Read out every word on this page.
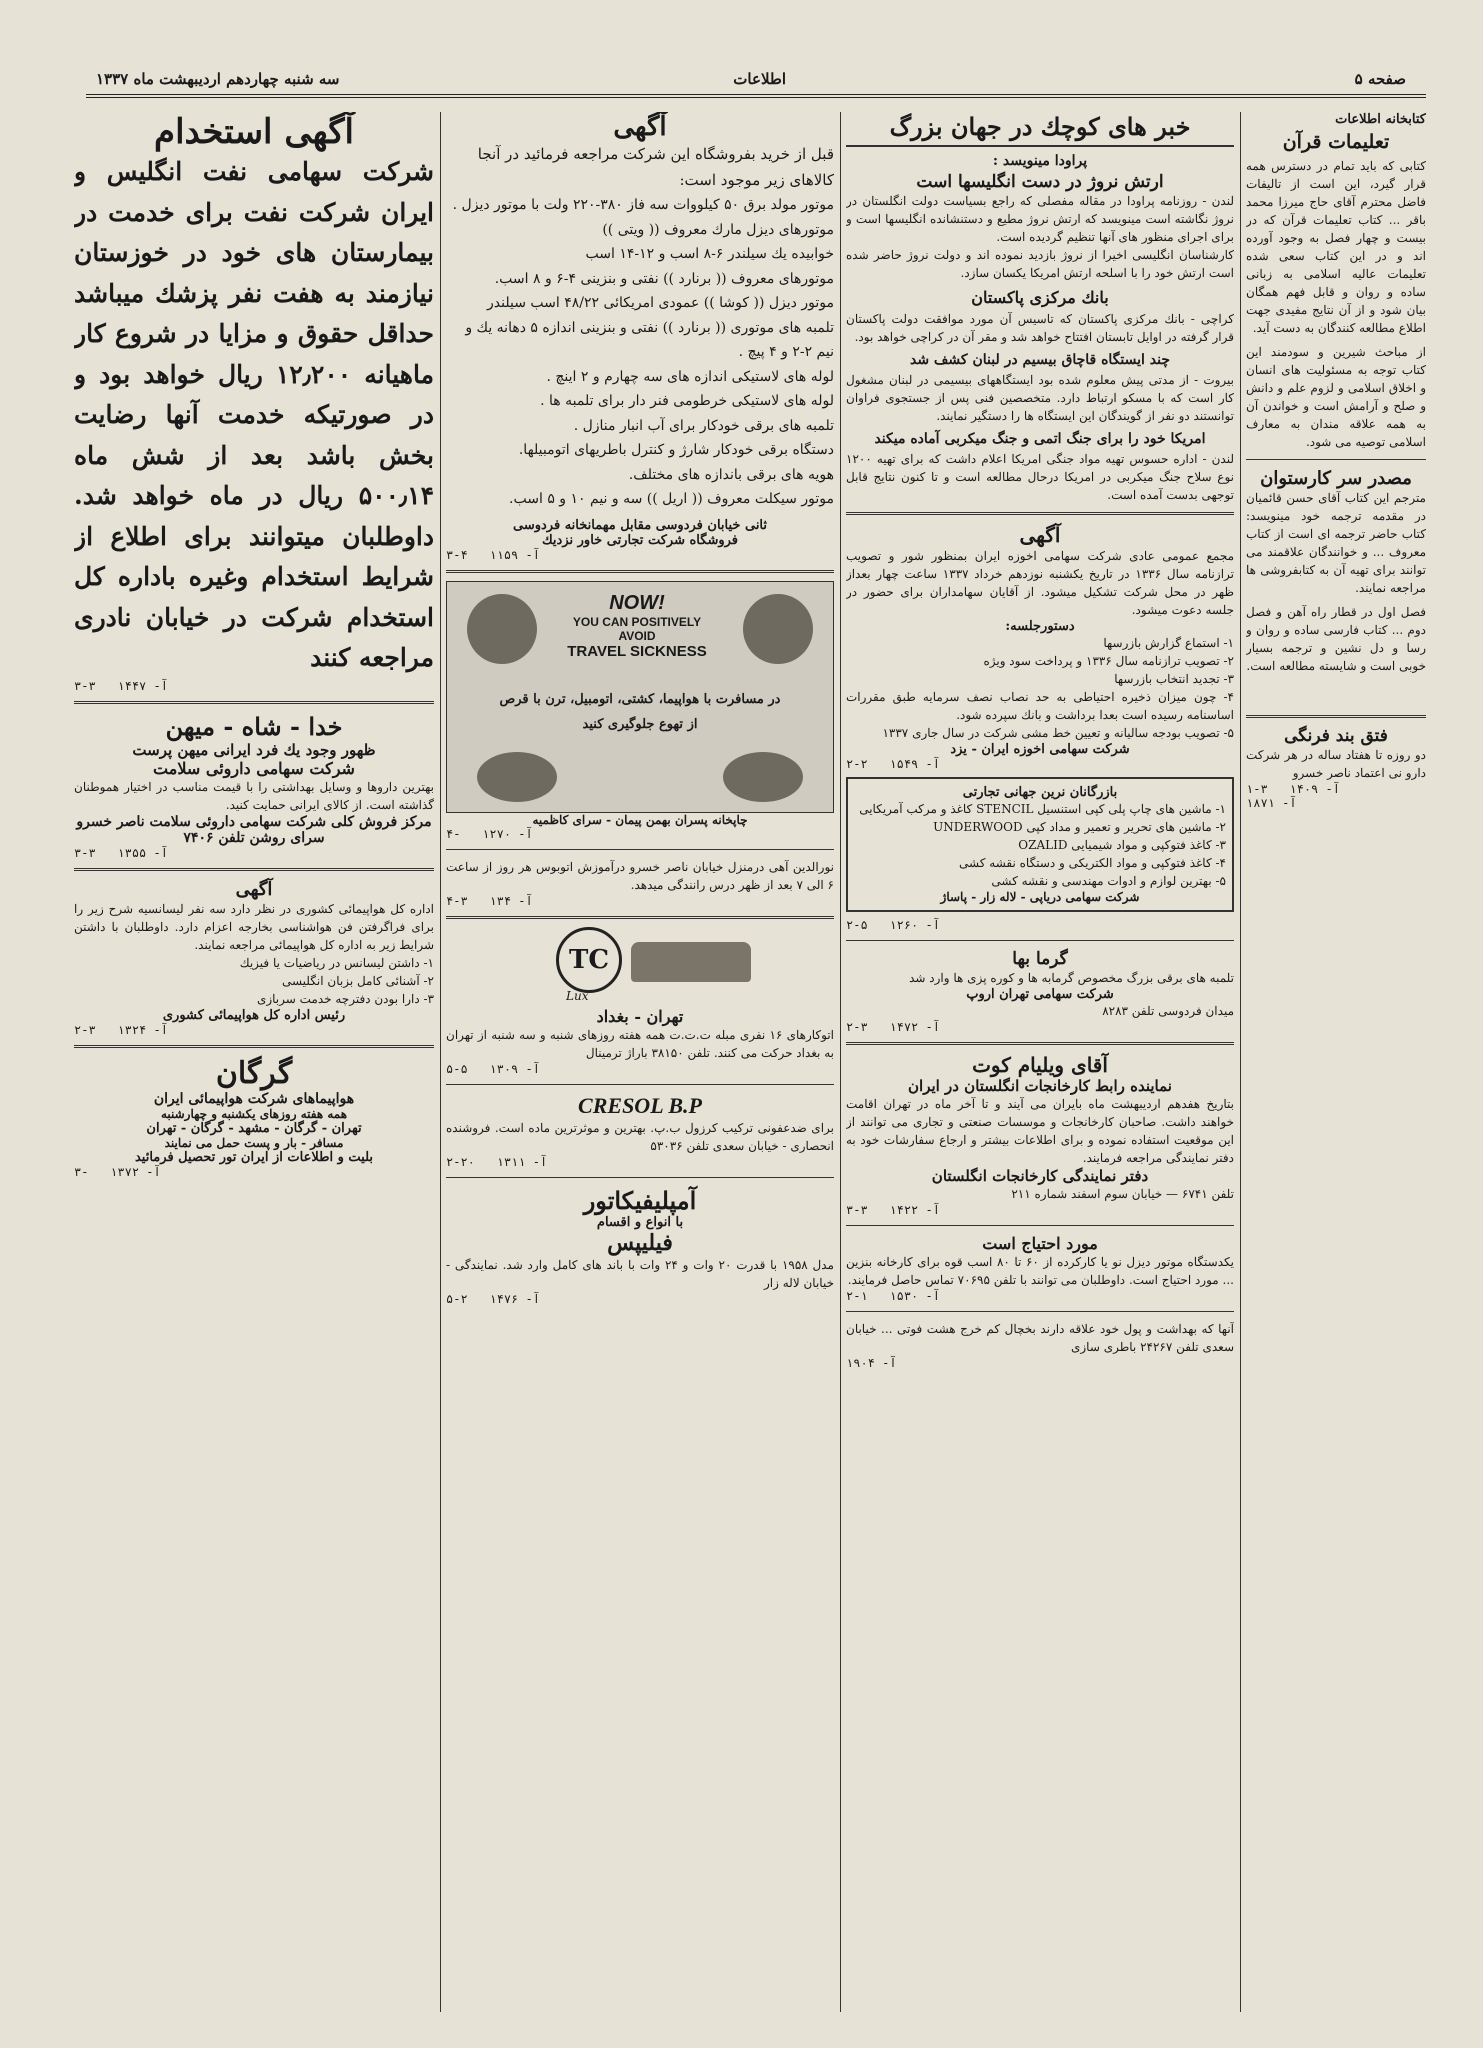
صفحه ۵
اطلاعات
سه شنبه چهاردهم اردیبهشت ماه ۱۳۳۷
کتابخانه اطلاعات
تعلیمات قرآن
کتابی که باید تمام در دسترس همه قرار گیرد، این است از تالیفات فاضل محترم آقای حاج میرزا محمد باقر ... کتاب تعلیمات قرآن که در بیست و چهار فصل به وجود آورده اند و در این کتاب سعی شده تعلیمات عالیه اسلامی به زبانی ساده و روان و قابل فهم همگان بیان شود و از آن نتایج مفیدی جهت اطلاع مطالعه کنندگان به دست آید.
از مباحث شیرین و سودمند این کتاب توجه به مسئولیت های انسان و اخلاق اسلامی و لزوم علم و دانش و صلح و آرامش است و خواندن آن به همه علاقه مندان به معارف اسلامی توصیه می شود.
مصدر سر کارستوان
مترجم این کتاب آقای حسن قائمیان در مقدمه ترجمه خود مینویسد: کتاب حاضر ترجمه ای است از کتاب معروف ... و خوانندگان علاقمند می توانند برای تهیه آن به کتابفروشی ها مراجعه نمایند.
فصل اول در قطار راه آهن و فصل دوم ... کتاب فارسی ساده و روان و رسا و دل نشین و ترجمه بسیار خوبی است و شایسته مطالعه است.
فتق بند فرنگی
دو روزه تا هفتاد ساله در هر شرکت دارو نی اعتماد ناصر خسرو
۱-۳ آ- ۱۴۰۹
آ- ۱۸۷۱
خبر های کوچك در جهان بزرگ
پراودا مینویسد :
ارتش نروژ در دست انگلیسها است
لندن - روزنامه پراودا در مقاله مفصلی که راجع بسیاست دولت انگلستان در نروژ نگاشته است مینویسد که ارتش نروژ مطیع و دستنشانده انگلیسها است و برای اجرای منظور های آنها تنظیم گردیده است.
کارشناسان انگلیسی اخیرا از نروژ بازدید نموده اند و دولت نروژ حاضر شده است ارتش خود را با اسلحه ارتش امریکا یکسان سازد.
بانك مرکزی پاکستان
کراچی - بانك مرکزی پاکستان که تاسیس آن مورد موافقت دولت پاکستان قرار گرفته در اوایل تابستان افتتاح خواهد شد و مقر آن در کراچی خواهد بود.
چند ایستگاه قاچاق بیسیم در لبنان کشف شد
بیروت - از مدتی پیش معلوم شده بود ایستگاههای بیسیمی در لبنان مشغول کار است که با مسکو ارتباط دارد. متخصصین فنی پس از جستجوی فراوان توانستند دو نفر از گویندگان این ایستگاه ها را دستگیر نمایند.
امریکا خود را برای جنگ اتمی و جنگ میکربی آماده میکند
لندن - اداره حسوس تهیه مواد جنگی امریکا اعلام داشت که برای تهیه ۱۲۰۰ نوع سلاح جنگ میکربی در امریکا درحال مطالعه است و تا کنون نتایج قابل توجهی بدست آمده است.
آگهی
مجمع عمومی عادی شرکت سهامی اخوزه ایران بمنظور شور و تصویب ترازنامه سال ۱۳۳۶ در تاریخ یکشنبه نوزدهم خرداد ۱۳۳۷ ساعت چهار بعداز ظهر در محل شرکت تشکیل میشود. از آقایان سهامداران برای حضور در جلسه دعوت میشود.
دستورجلسه:
۱- استماع گزارش بازرسها
۲- تصویب ترازنامه سال ۱۳۳۶ و پرداخت سود ویژه
۳- تجدید انتخاب بازرسها
۴- چون میزان ذخیره احتیاطی به حد نصاب نصف سرمایه طبق مقررات اساسنامه رسیده است بعدا برداشت و بانك سپرده شود.
۵- تصویب بودجه سالیانه و تعیین خط مشی شرکت در سال جاری ۱۳۳۷
شرکت سهامی اخوزه ایران - یزد
۲-۲ آ- ۱۵۴۹
بازرگانان نرین جهانی تجارتی
۱- ماشین های چاپ پلی کپی استنسیل STENCIL کاغذ و مرکب آمریکایی
۲- ماشین های تحریر و تعمیر و مداد کپی UNDERWOOD
۳- کاغذ فتوکپی و مواد شیمیایی OZALID
۴- کاغذ فتوکپی و مواد الکتریکی و دستگاه نقشه کشی
۵- بهترین لوازم و ادوات مهندسی و نقشه کشی
شرکت سهامی دریاپی - لاله زار - پاساژ
۲-۵ آ- ۱۲۶۰
گرما بها
تلمبه های برقی بزرگ مخصوص گرمابه ها و کوره پزی ها وارد شد
شرکت سهامی تهران اروپ
میدان فردوسی تلفن ۸۲۸۳
۲-۳ آ- ۱۴۷۲
آقای ویلیام کوت
نماینده رابط کارخانجات انگلستان در ایران
بتاریخ هفدهم اردیبهشت ماه بایران می آیند و تا آخر ماه در تهران اقامت خواهند داشت. صاحبان کارخانجات و موسسات صنعتی و تجاری می توانند از این موقعیت استفاده نموده و برای اطلاعات بیشتر و ارجاع سفارشات خود به دفتر نمایندگی مراجعه فرمایند.
دفتر نمایندگی کارخانجات انگلستان
تلفن ۶۷۴۱ — خیابان سوم اسفند شماره ۲۱۱
۳-۳ آ- ۱۴۲۲
مورد احتیاج است
یکدستگاه موتور دیزل نو یا کارکرده از ۶۰ تا ۸۰ اسب قوه برای کارخانه بنزین ... مورد احتیاج است. داوطلبان می توانند با تلفن ۷۰۶۹۵ تماس حاصل فرمایند.
۲-۱ آ- ۱۵۳۰
آنها که بهداشت و پول خود علاقه دارند بخچال کم خرج هشت فوتی ... خیابان سعدی تلفن ۲۴۲۶۷ باطری سازی
آ- ۱۹۰۴
آگهی
قبل از خرید بفروشگاه این شرکت مراجعه فرمائید در آنجا کالاهای زیر موجود است:
موتور مولد برق ۵۰ کیلووات سه فاز ۳۸۰-۲۲۰ ولت با موتور دیزل .
موتورهای دیزل مارك معروف (( ویتی ))
خوابیده یك سیلندر ۶-۸ اسب و ۱۲-۱۴ اسب
موتورهای معروف (( برنارد )) نفتی و بنزینی ۴-۶ و ۸ اسب.
موتور دیزل (( کوشا )) عمودی امریکائی ۴۸/۲۲ اسب سیلندر
تلمبه های موتوری (( برنارد )) نفتی و بنزینی اندازه ۵ دهانه یك و نیم ۲-۲ و ۴ پیچ .
لوله های لاستیکی اندازه های سه چهارم و ۲ اینچ .
لوله های لاستیکی خرطومی فنر دار برای تلمبه ها .
تلمبه های برقی خودکار برای آب انبار منازل .
دستگاه برقی خودکار شارژ و کنترل باطریهای اتومبیلها.
هویه های برقی باندازه های مختلف.
موتور سیکلت معروف (( اریل )) سه و نیم ۱۰ و ۵ اسب.
ثانی خیابان فردوسی مقابل مهمانخانه فردوسی
فروشگاه شرکت تجارتی خاور نزدیك
۳-۴ آ- ۱۱۵۹
NOW!
YOU CAN POSITIVELY
AVOID
TRAVEL SICKNESS
در مسافرت با هواپیما، کشتی، اتومبیل، ترن با قرص
از تهوع جلوگیری کنید
چاپخانه پسران بهمن پیمان - سرای کاظمیه
۴- آ- ۱۲۷۰
نورالدین آهی درمنزل خیابان ناصر خسرو درآموزش اتوبوس هر روز از ساعت ۶ الی ۷ بعد از ظهر درس رانندگی میدهد.
۴-۳ آ- ۱۳۴
TC
Lux
تهران - بغداد
اتوکارهای ۱۶ نفری مبله ت.ت.ت همه هفته روزهای شنبه و سه شنبه از تهران به بغداد حرکت می کنند. تلفن ۳۸۱۵۰ باراژ ترمینال
۵-۵ آ- ۱۳۰۹
CRESOL B.P
برای ضدعفونی ترکیب کرزول ب.پ. بهترین و موثرترین ماده است. فروشنده انحصاری - خیابان سعدی تلفن ۵۳۰۳۶
۲-۲۰ آ- ۱۳۱۱
آمپلیفیکاتور
با انواع و اقسام
فیلیپس
مدل ۱۹۵۸ با قدرت ۲۰ وات و ۲۴ وات با باند های کامل وارد شد. نمایندگی - خیابان لاله زار
۵-۲ آ- ۱۴۷۶
آگهی استخدام
شرکت سهامی نفت انگلیس و ایران شرکت نفت برای خدمت در بیمارستان های خود در خوزستان نیازمند به هفت نفر پزشك میباشد حداقل حقوق و مزایا در شروع کار ماهیانه ۱۲٫۲۰۰ ریال خواهد بود و در صورتیکه خدمت آنها رضایت بخش باشد بعد از شش ماه ۵۰۰٫۱۴ ریال در ماه خواهد شد. داوطلبان میتوانند برای اطلاع از شرایط استخدام وغیره باداره کل استخدام شرکت در خیابان نادری مراجعه کنند
۳-۳ آ- ۱۴۴۷
خدا - شاه - میهن
ظهور وجود یك فرد ایرانی میهن پرست
شرکت سهامی داروئی سلامت
بهترین داروها و وسایل بهداشتی را با قیمت مناسب در اختیار هموطنان گذاشته است. از کالای ایرانی حمایت کنید.
مرکز فروش کلی شرکت سهامی داروئی سلامت ناصر خسرو سرای روشن تلفن ۷۴۰۶
۳-۳ آ- ۱۳۵۵
آگهی
اداره کل هواپیمائی کشوری در نظر دارد سه نفر لیسانسیه شرح زیر را برای فراگرفتن فن هواشناسی بخارجه اعزام دارد. داوطلبان با داشتن شرایط زیر به اداره کل هواپیمائی مراجعه نمایند.
۱- داشتن لیسانس در ریاضیات یا فیزیك
۲- آشنائی کامل بزبان انگلیسی
۳- دارا بودن دفترچه خدمت سربازی
رئیس اداره کل هواپیمائی کشوری
۲-۳ آ- ۱۳۲۴
گرگان
هواپیماهای شرکت هواپیمائی ایران
همه هفته روزهای یکشنبه و چهارشنبه
تهران - گرگان - مشهد - گرگان - تهران
مسافر - بار و پست حمل می نمایند
بلیت و اطلاعات از ایران تور تحصیل فرمائید
۳- آ- ۱۳۷۲
